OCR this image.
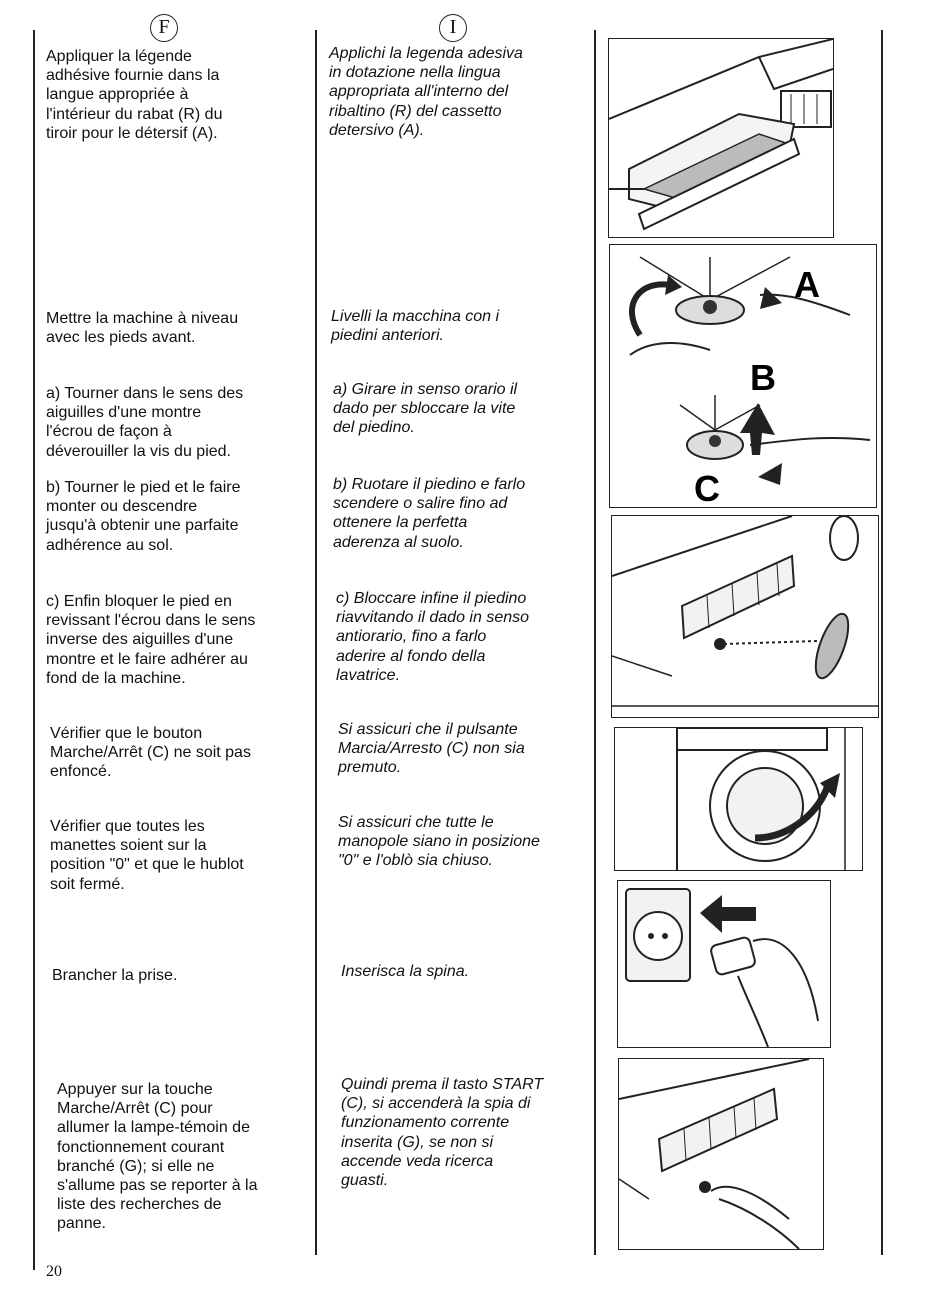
F	I
Appliquer la légende
adhésive fournie dans la
langue appropriée à
l'intérieur du rabat (R) du
tiroir pour le détersif (A).
Mettre la machine à niveau
avec les pieds avant.
a) Tourner dans le sens des
aiguilles d'une montre
l'écrou de façon à
déverouiller la vis du pied.
b) Tourner le pied et le faire
monter ou descendre
jusqu'à obtenir une parfaite
adhérence au sol.
c) Enfin bloquer le pied en
revissant l'écrou dans le sens
inverse des aiguilles d'une
montre et le faire adhérer au
fond de la machine.
Vérifier que le bouton
Marche/Arrêt (C) ne soit pas
enfoncé.
Vérifier que toutes les
manettes soient sur la
position "0" et que le hublot
soit fermé.
Brancher la prise.
Appuyer sur la touche
Marche/Arrêt (C) pour
allumer la lampe-témoin de
fonctionnement courant
branché (G); si elle ne
s'allume pas se reporter à la
liste des recherches de
panne.
Applichi la legenda adesiva
in dotazione nella lingua
appropriata all'interno del
ribaltino (R) del cassetto
detersivo (A).
Livelli la macchina con i
piedini anteriori.
a) Girare in senso orario il
dado per sbloccare la vite
del piedino.
b) Ruotare il piedino e farlo
scendere o salire fino ad
ottenere la perfetta
aderenza al suolo.
c) Bloccare infine il piedino
riavvitando il dado in senso
antiorario, fino a farlo
aderire al fondo della
lavatrice.
Si assicuri che il pulsante
Marcia/Arresto (C) non sia
premuto.
Si assicuri che tutte le
manopole siano in posizione
"0" e l'oblò sia chiuso.
Inserisca la spina.
Quindi prema il tasto START
(C), si accenderà la spia di
funzionamento corrente
inserita (G), se non si
accende veda ricerca
guasti.
A
B
C
20
